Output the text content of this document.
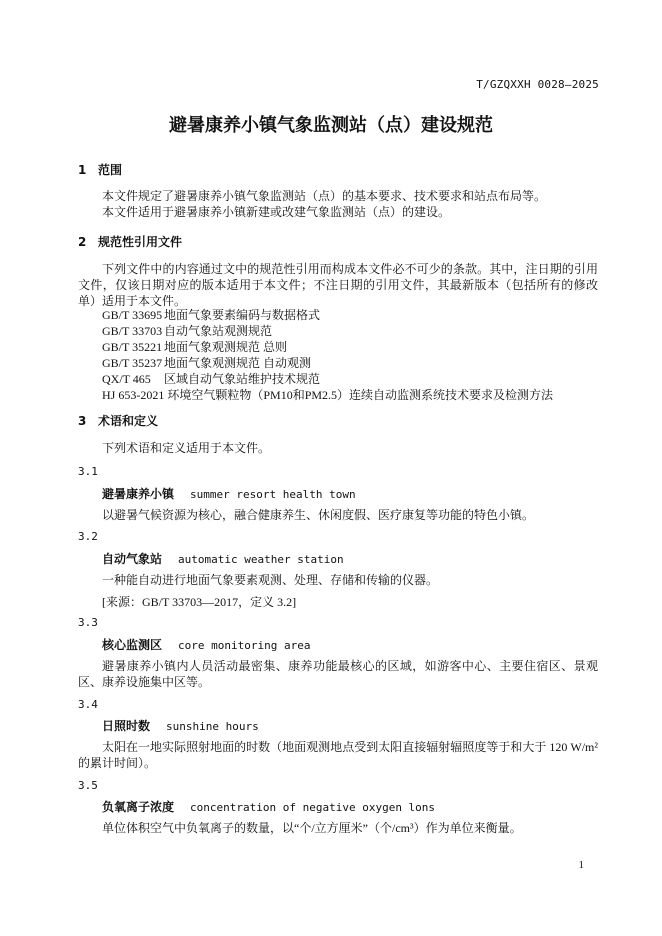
T/GZQXXH 0028—2025
避暑康养小镇气象监测站（点）建设规范
1 范围
本文件规定了避暑康养小镇气象监测站（点）的基本要求、技术要求和站点布局等。
本文件适用于避暑康养小镇新建或改建气象监测站（点）的建设。
2 规范性引用文件
下列文件中的内容通过文中的规范性引用而构成本文件必不可少的条款。其中，注日期的引用文件，仅该日期对应的版本适用于本文件；不注日期的引用文件，其最新版本（包括所有的修改单）适用于本文件。
GB/T 33695 地面气象要素编码与数据格式
GB/T 33703 自动气象站观测规范
GB/T 35221 地面气象观测规范 总则
GB/T 35237 地面气象观测规范 自动观测
QX/T 465 区域自动气象站维护技术规范
HJ 653-2021 环境空气颗粒物（PM10和PM2.5）连续自动监测系统技术要求及检测方法
3 术语和定义
下列术语和定义适用于本文件。
3.1
避暑康养小镇 summer resort health town
以避暑气候资源为核心，融合健康养生、休闲度假、医疗康复等功能的特色小镇。
3.2
自动气象站 automatic weather station
一种能自动进行地面气象要素观测、处理、存储和传输的仪器。
[来源：GB/T 33703—2017，定义 3.2]
3.3
核心监测区 core monitoring area
避暑康养小镇内人员活动最密集、康养功能最核心的区域，如游客中心、主要住宿区、景观区、康养设施集中区等。
3.4
日照时数 sunshine hours
太阳在一地实际照射地面的时数（地面观测地点受到太阳直接辐射辐照度等于和大于 120 W/m² 的累计时间）。
3.5
负氧离子浓度 concentration of negative oxygen lons
单位体积空气中负氧离子的数量，以“个/立方厘米”（个/cm³）作为单位来衡量。
1
